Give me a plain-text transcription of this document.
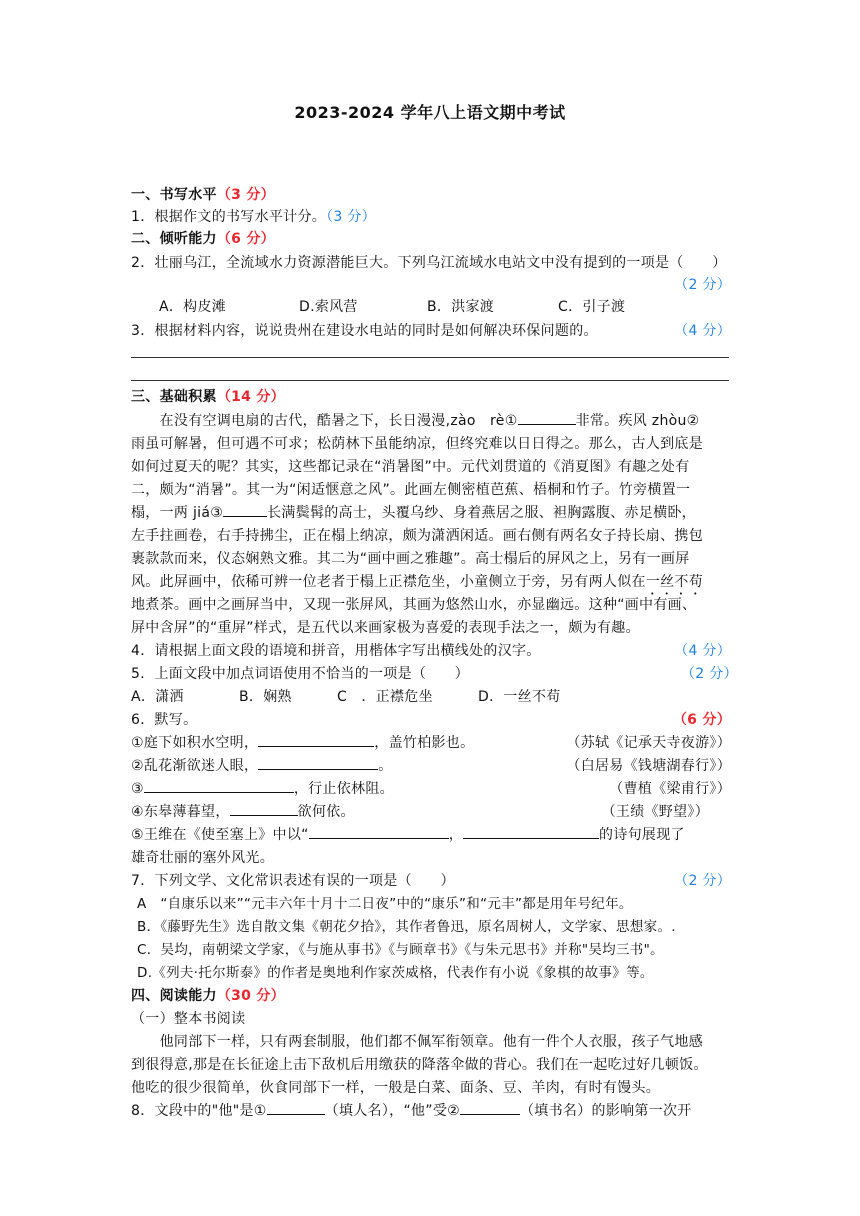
2023-2024 学年八上语文期中考试
一、书写水平（3 分）
1．根据作文的书写水平计分。（3 分）
二、倾听能力（6 分）
2．壮丽乌江，全流域水力资源潜能巨大。下列乌江流域水电站文中没有提到的一项是（　　）
（2 分）
A．构皮滩	D.索风营	B．洪家渡	C．引子渡
3．根据材料内容，说说贵州在建设水电站的同时是如何解决环保问题的。	（4 分）
三、基础积累（14 分）
　　在没有空调电扇的古代，酷暑之下，长日漫漫,zào　rè①	非常。疾风 zhòu②
雨虽可解暑，但可遇不可求；松荫林下虽能纳凉，但终究难以日日得之。那么，古人到底是
如何过夏天的呢？其实，这些都记录在“消暑图”中。元代刘贯道的《消夏图》有趣之处有
二，颇为“消暑”。其一为“闲适惬意之风”。此画左侧密植芭蕉、梧桐和竹子。竹旁横置一
榻，一两 jiá③	长满鬓髯的高士，头覆乌纱、身着燕居之服、袒胸露腹、赤足横卧，
左手拄画卷，右手持拂尘，正在榻上纳凉，颇为潇洒闲适。画右侧有两名女子持长扇、携包
裹款款而来，仪态娴熟文雅。其二为“画中画之雅趣”。高士榻后的屏风之上，另有一画屏
风。此屏画中，依稀可辨一位老者于榻上正襟危坐，小童侧立于旁，另有两人似在一丝不苟
地煮茶。画中之画屏当中，又现一张屏风，其画为悠然山水，亦显幽远。这种“画中有画、
屏中含屏”的“重屏”样式，是五代以来画家极为喜爱的表现手法之一，颇为有趣。
4．请根据上面文段的语境和拼音，用楷体字写出横线处的汉字。	（4 分）
5．上面文段中加点词语使用不恰当的一项是（　　）	（2 分）
A．潇洒	B．娴熟	C　．正襟危坐	D．一丝不苟
6．默写。	（6 分）
①庭下如积水空明，	，盖竹柏影也。	（苏轼《记承天寺夜游》）
②乱花渐欲迷人眼，	。	（白居易《钱塘湖春行》）
③	，行止依林阻。	（曹植《梁甫行》）
④东皋薄暮望，	欲何依。	（王绩《野望》）
⑤王维在《使至塞上》中以“	，	的诗句展现了
雄奇壮丽的塞外风光。
7．下列文学、文化常识表述有误的一项是（　　）	（2 分）
A　“自康乐以来”“元丰六年十月十二日夜”中的“康乐”和“元丰”都是用年号纪年。
B．《藤野先生》选自散文集《朝花夕拾》，其作者鲁迅，原名周树人，文学家、思想家。.
C．吴均，南朝梁文学家，《与施从事书》《与顾章书》《与朱元思书》并称"吴均三书"。
D.《列夫·托尔斯泰》的作者是奥地利作家茨威格，代表作有小说《象棋的故事》等。
四、阅读能力（30 分）
（一）整本书阅读
　　他同部下一样，只有两套制服，他们都不佩军衔领章。他有一件个人衣服，孩子气地感
到很得意,那是在长征途上击下敌机后用缴获的降落伞做的背心。我们在一起吃过好几顿饭。
他吃的很少很简单，伙食同部下一样，一般是白菜、面条、豆、羊肉，有时有馒头。
8．文段中的"他"是①	（填人名），“他”受②	（填书名）的影响第一次开
